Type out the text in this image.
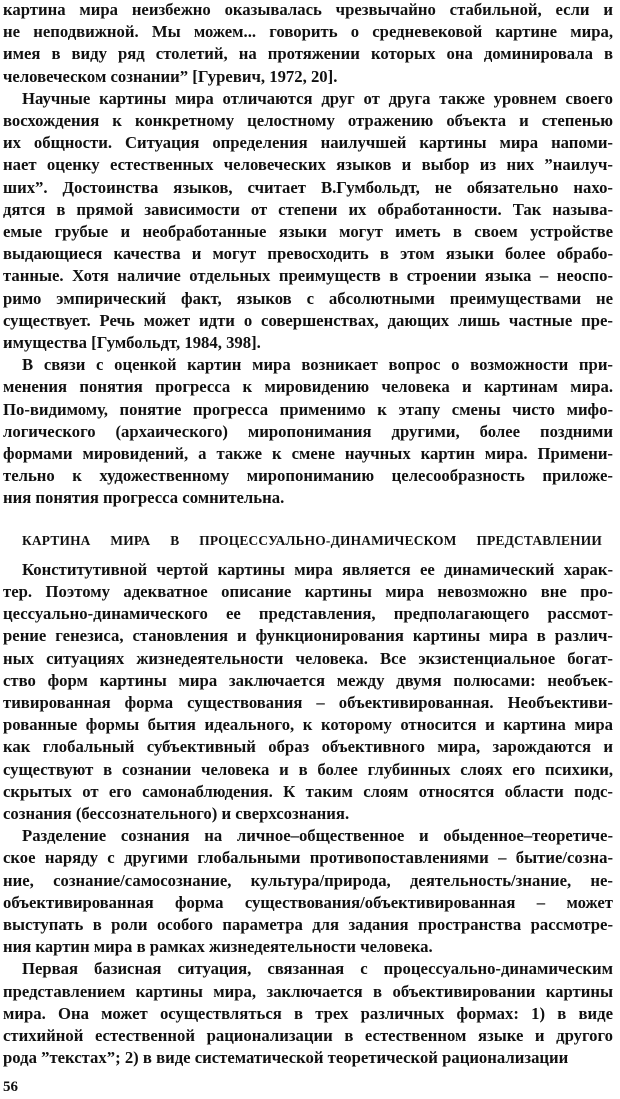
картина мира неизбежно оказывалась чрезвычайно стабильной, если и
не неподвижной. Мы можем... говорить о средневековой картине мира,
имея в виду ряд столетий, на протяжении которых она доминировала в
человеческом сознании” [Гуревич, 1972, 20].
Научные картины мира отличаются друг от друга также уровнем своего
восхождения к конкретному целостному отражению объекта и степенью
их общности. Ситуация определения наилучшей картины мира напоми-
нает оценку естественных человеческих языков и выбор из них ”наилуч-
ших”. Достоинства языков, считает В.Гумбольдт, не обязательно нахо-
дятся в прямой зависимости от степени их обработанности. Так называ-
емые грубые и необработанные языки могут иметь в своем устройстве
выдающиеся качества и могут превосходить в этом языки более обрабо-
танные. Хотя наличие отдельных преимуществ в строении языка – неоспо-
римо эмпирический факт, языков с абсолютными преимуществами не
существует. Речь может идти о совершенствах, дающих лишь частные пре-
имущества [Гумбольдт, 1984, 398].
В связи с оценкой картин мира возникает вопрос о возможности при-
менения понятия прогресса к мировидению человека и картинам мира.
По-видимому, понятие прогресса применимо к этапу смены чисто мифо-
логического (архаического) миропонимания другими, более поздними
формами мировидений, а также к смене научных картин мира. Примени-
тельно к художественному миропониманию целесообразность приложе-
ния понятия прогресса сомнительна.
КАРТИНА МИРА В ПРОЦЕССУАЛЬНО-ДИНАМИЧЕСКОМ ПРЕДСТАВЛЕНИИ
Конститутивной чертой картины мира является ее динамический харак-
тер. Поэтому адекватное описание картины мира невозможно вне про-
цессуально-динамического ее представления, предполагающего рассмот-
рение генезиса, становления и функционирования картины мира в различ-
ных ситуациях жизнедеятельности человека. Все экзистенциальное богат-
ство форм картины мира заключается между двумя полюсами: необъек-
тивированная форма существования – объективированная. Необъективи-
рованные формы бытия идеального, к которому относится и картина мира
как глобальный субъективный образ объективного мира, зарождаются и
существуют в сознании человека и в более глубинных слоях его психики,
скрытых от его самонаблюдения. К таким слоям относятся области подс-
сознания (бессознательного) и сверхсознания.
Разделение сознания на личное–общественное и обыденное–теоретиче-
ское наряду с другими глобальными противопоставлениями – бытие/созна-
ние, сознание/самосознание, культура/природа, деятельность/знание, не-
объективированная форма существования/объективированная – может
выступать в роли особого параметра для задания пространства рассмотре-
ния картин мира в рамках жизнедеятельности человека.
Первая базисная ситуация, связанная с процессуально-динамическим
представлением картины мира, заключается в объективировании картины
мира. Она может осуществляться в трех различных формах: 1) в виде
стихийной естественной рационализации в естественном языке и другого
рода ”текстах”; 2) в виде систематической теоретической рационализации
56
